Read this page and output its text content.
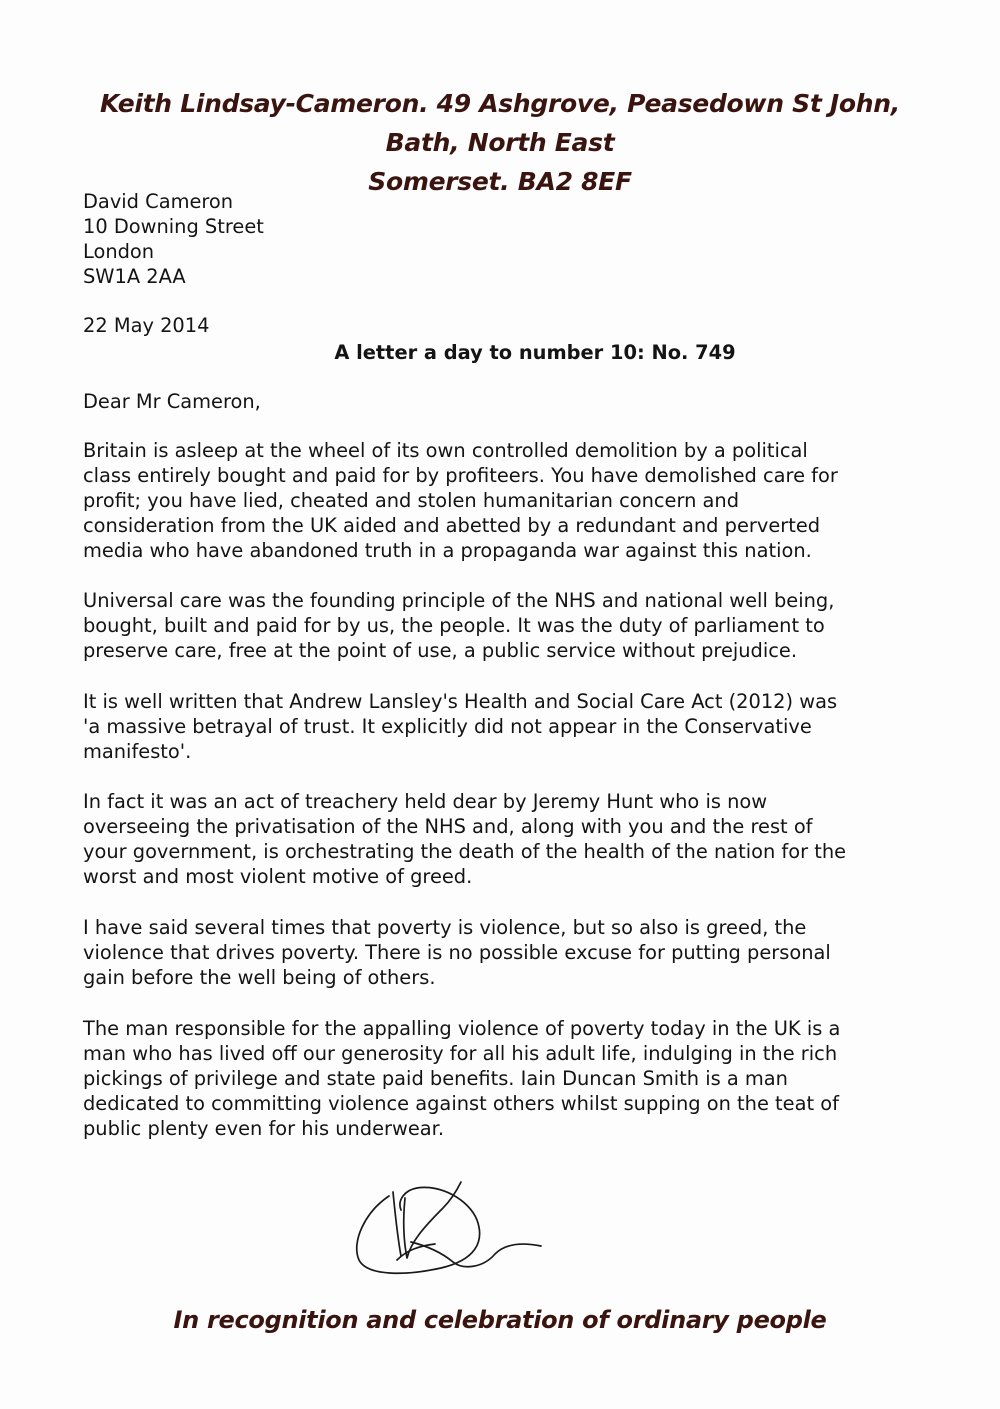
Keith Lindsay-Cameron. 49 Ashgrove, Peasedown St John, Bath, North East
Somerset. BA2 8EF
David Cameron
10 Downing Street
London
SW1A 2AA
22 May 2014
A letter a day to number 10: No. 749
Dear Mr Cameron,
Britain is asleep at the wheel of its own controlled demolition by a political
class entirely bought and paid for by profiteers. You have demolished care for
profit; you have lied, cheated and stolen humanitarian concern and
consideration from the UK aided and abetted by a redundant and perverted
media who have abandoned truth in a propaganda war against this nation.
Universal care was the founding principle of the NHS and national well being,
bought, built and paid for by us, the people. It was the duty of parliament to
preserve care, free at the point of use, a public service without prejudice.
It is well written that Andrew Lansley's Health and Social Care Act (2012) was
'a massive betrayal of trust. It explicitly did not appear in the Conservative
manifesto'.
In fact it was an act of treachery held dear by Jeremy Hunt who is now
overseeing the privatisation of the NHS and, along with you and the rest of
your government, is orchestrating the death of the health of the nation for the
worst and most violent motive of greed.
I have said several times that poverty is violence, but so also is greed, the
violence that drives poverty. There is no possible excuse for putting personal
gain before the well being of others.
The man responsible for the appalling violence of poverty today in the UK is a
man who has lived off our generosity for all his adult life, indulging in the rich
pickings of privilege and state paid benefits. Iain Duncan Smith is a man
dedicated to committing violence against others whilst supping on the teat of
public plenty even for his underwear.
In recognition and celebration of ordinary people
